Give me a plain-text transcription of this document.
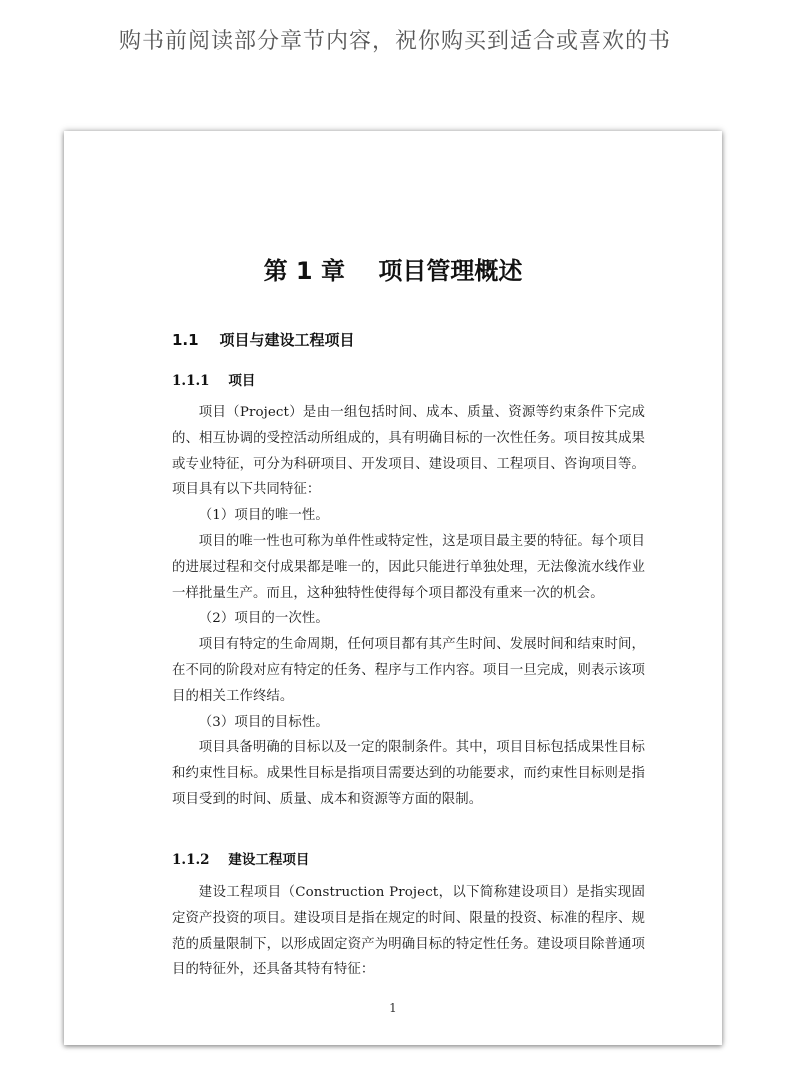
购书前阅读部分章节内容，祝你购买到适合或喜欢的书
第 1 章    项目管理概述
1.1    项目与建设工程项目
1.1.1    项目

项目（Project）是由一组包括时间、成本、质量、资源等约束条件下完成的、相互协调的受控活动所组成的，具有明确目标的一次性任务。项目按其成果或专业特征，可分为科研项目、开发项目、建设项目、工程项目、咨询项目等。项目具有以下共同特征：

（1）项目的唯一性。

项目的唯一性也可称为单件性或特定性，这是项目最主要的特征。每个项目的进展过程和交付成果都是唯一的，因此只能进行单独处理，无法像流水线作业一样批量生产。而且，这种独特性使得每个项目都没有重来一次的机会。

（2）项目的一次性。

项目有特定的生命周期，任何项目都有其产生时间、发展时间和结束时间，在不同的阶段对应有特定的任务、程序与工作内容。项目一旦完成，则表示该项目的相关工作终结。

（3）项目的目标性。

项目具备明确的目标以及一定的限制条件。其中，项目目标包括成果性目标和约束性目标。成果性目标是指项目需要达到的功能要求，而约束性目标则是指项目受到的时间、质量、成本和资源等方面的限制。

1.1.2    建设工程项目

建设工程项目（Construction Project，以下简称建设项目）是指实现固定资产投资的项目。建设项目是指在规定的时间、限量的投资、标准的程序、规范的质量限制下，以形成固定资产为明确目标的特定性任务。建设项目除普通项目的特征外，还具备其特有特征：

1
